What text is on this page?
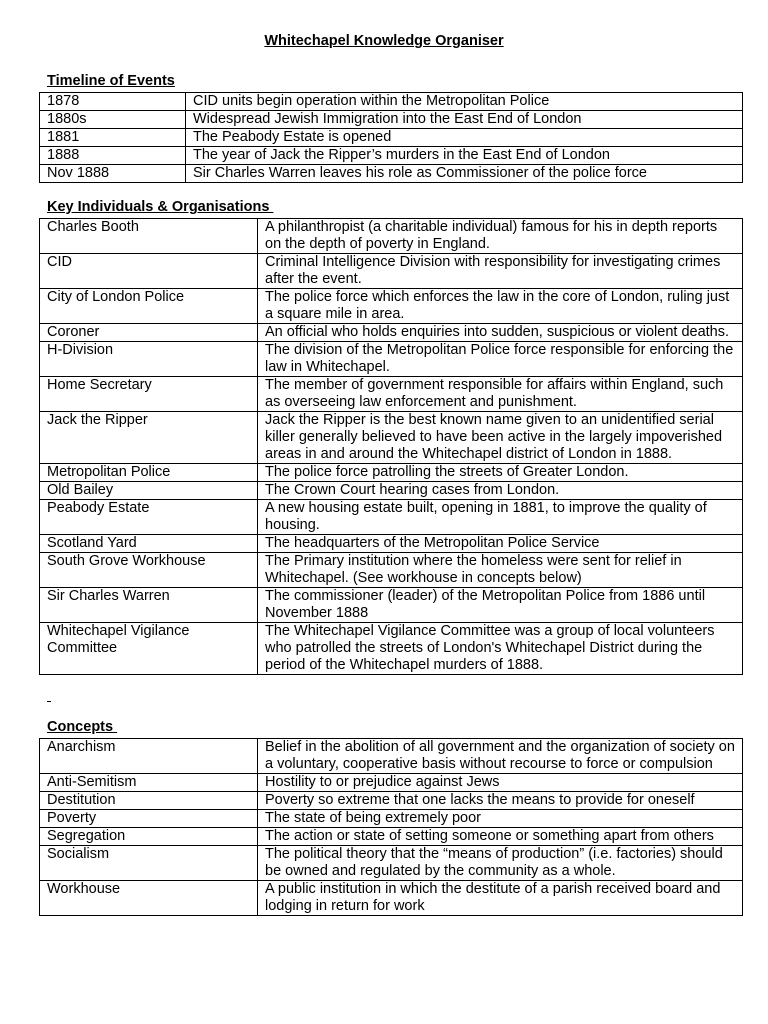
Whitechapel Knowledge Organiser
Timeline of Events
1878	CID units begin operation within the Metropolitan Police
1880s	Widespread Jewish Immigration into the East End of London
1881	The Peabody Estate is opened
1888	The year of Jack the Ripper’s murders in the East End of London
Nov 1888	Sir Charles Warren leaves his role as Commissioner of the police force
Key Individuals & Organisations
Charles Booth	A philanthropist (a charitable individual) famous for his in depth reports on the depth of poverty in England.
CID	Criminal Intelligence Division with responsibility for investigating crimes after the event.
City of London Police	The police force which enforces the law in the core of London, ruling just a square mile in area.
Coroner	An official who holds enquiries into sudden, suspicious or violent deaths.
H-Division	The division of the Metropolitan Police force responsible for enforcing the law in Whitechapel.
Home Secretary	The member of government responsible for affairs within England, such as overseeing law enforcement and punishment.
Jack the Ripper	Jack the Ripper is the best known name given to an unidentified serial killer generally believed to have been active in the largely impoverished areas in and around the Whitechapel district of London in 1888.
Metropolitan Police	The police force patrolling the streets of Greater London.
Old Bailey	The Crown Court hearing cases from London.
Peabody Estate	A new housing estate built, opening in 1881, to improve the quality of housing.
Scotland Yard	The headquarters of the Metropolitan Police Service
South Grove Workhouse	The Primary institution where the homeless were sent for relief in Whitechapel. (See workhouse in concepts below)
Sir Charles Warren	The commissioner (leader) of the Metropolitan Police from 1886 until November 1888
Whitechapel Vigilance Committee	The Whitechapel Vigilance Committee was a group of local volunteers who patrolled the streets of London's Whitechapel District during the period of the Whitechapel murders of 1888.
Concepts
Anarchism	Belief in the abolition of all government and the organization of society on a voluntary, cooperative basis without recourse to force or compulsion
Anti-Semitism	Hostility to or prejudice against Jews
Destitution	Poverty so extreme that one lacks the means to provide for oneself
Poverty	The state of being extremely poor
Segregation	The action or state of setting someone or something apart from others
Socialism	The political theory that the “means of production” (i.e. factories) should be owned and regulated by the community as a whole.
Workhouse	A public institution in which the destitute of a parish received board and lodging in return for work
